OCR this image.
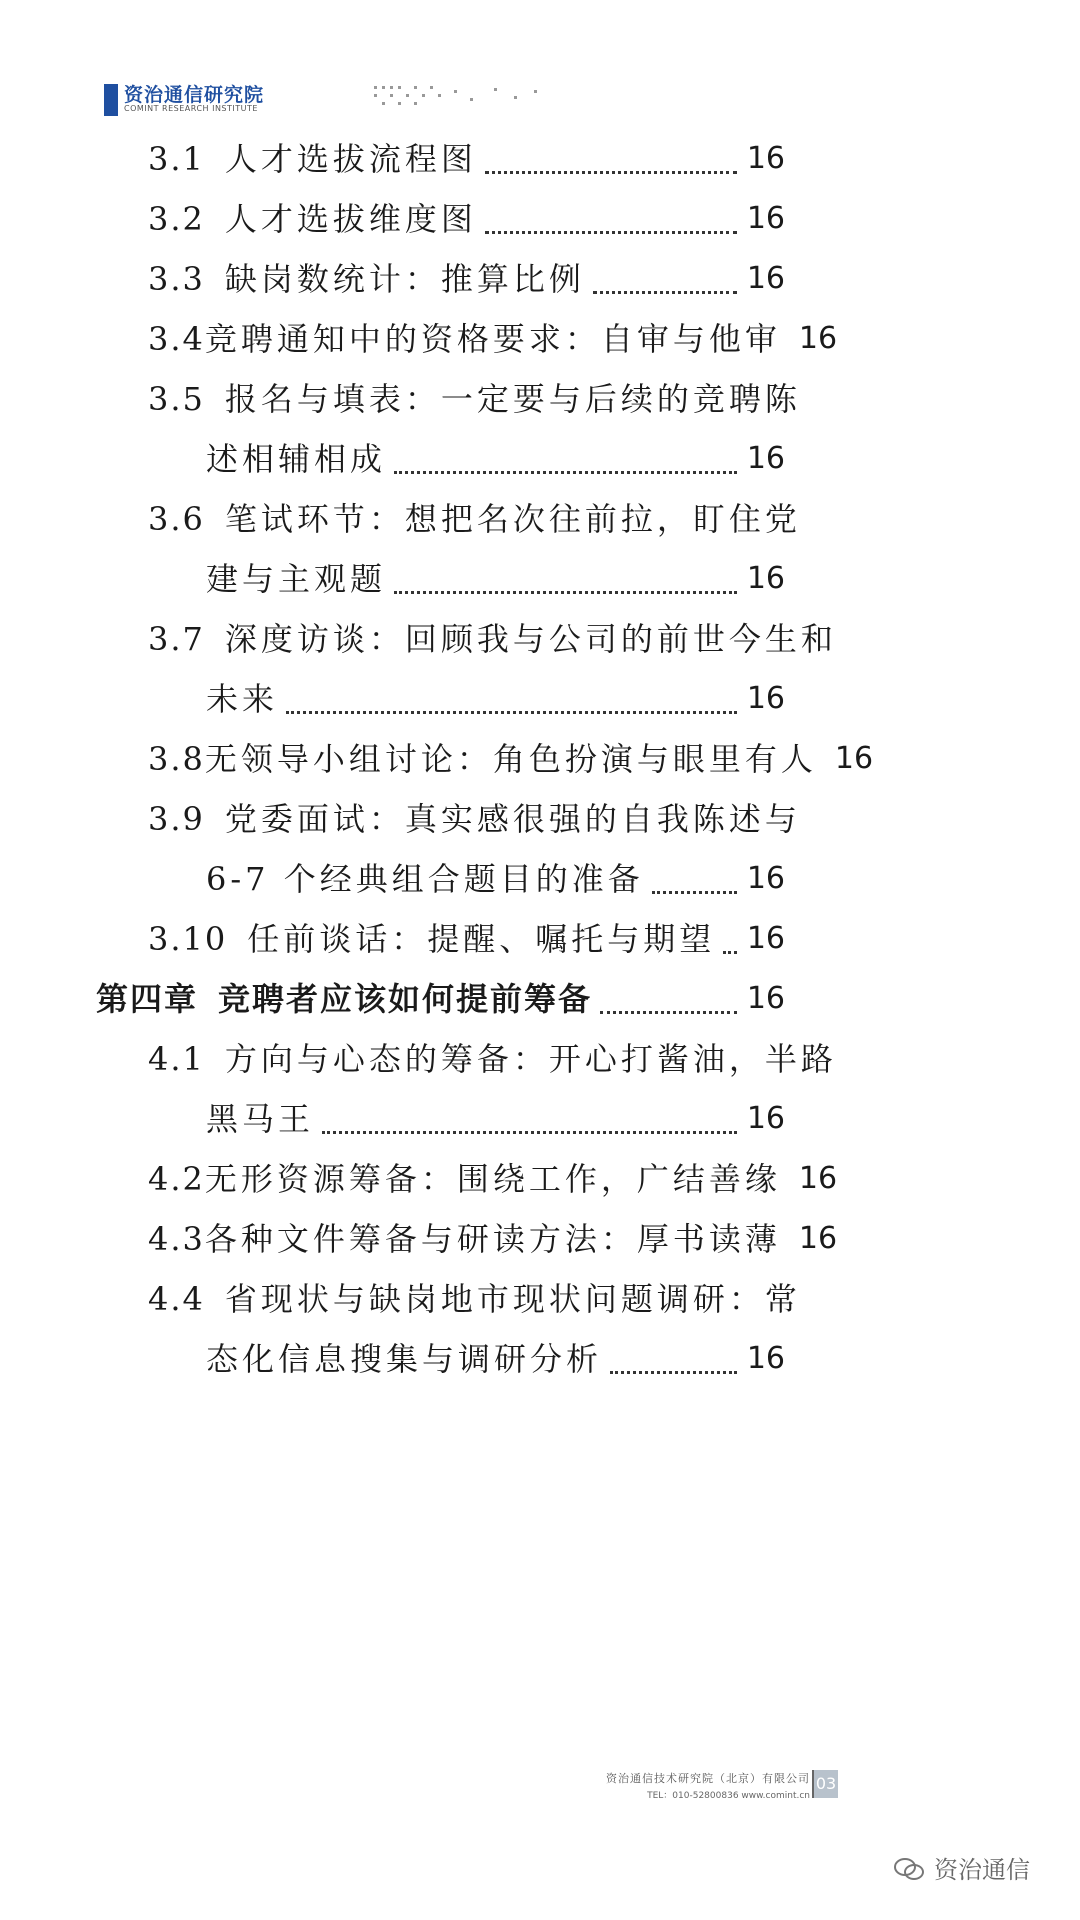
资治通信研究院
COMINT RESEARCH INSTITUTE
3.1 人才选拔流程图	16
3.2 人才选拔维度图	16
3.3 缺岗数统计：推算比例	16
3.4 竞聘通知中的资格要求：自审与他审 16
3.5 报名与填表：一定要与后续的竞聘陈
述相辅相成	16
3.6 笔试环节：想把名次往前拉，盯住党
建与主观题	16
3.7 深度访谈：回顾我与公司的前世今生和
未来	16
3.8 无领导小组讨论：角色扮演与眼里有人 16
3.9 党委面试：真实感很强的自我陈述与
6-7 个经典组合题目的准备	16
3.10 任前谈话：提醒、嘱托与期望 16
第四章 竞聘者应该如何提前筹备	16
4.1 方向与心态的筹备：开心打酱油，半路
黑马王	16
4.2 无形资源筹备：围绕工作，广结善缘 16
4.3 各种文件筹备与研读方法：厚书读薄 16
4.4 省现状与缺岗地市现状问题调研：常
态化信息搜集与调研分析	16
资治通信技术研究院（北京）有限公司
TEL：010-52800836 www.comint.cn
03
资治通信
